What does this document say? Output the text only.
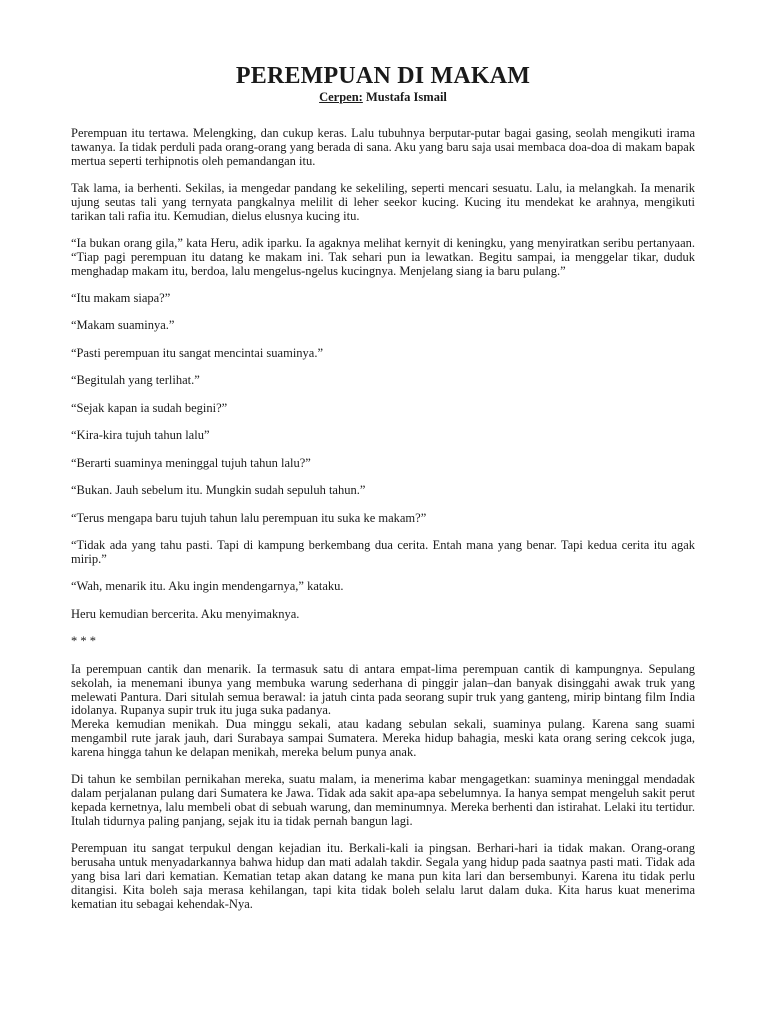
PEREMPUAN DI MAKAM

Cerpen: Mustafa Ismail

Perempuan itu tertawa. Melengking, dan cukup keras. Lalu tubuhnya berputar-putar bagai gasing, seolah mengikuti irama tawanya. Ia tidak perduli pada orang-orang yang berada di sana. Aku yang baru saja usai membaca doa-doa di makam bapak mertua seperti terhipnotis oleh pemandangan itu.

Tak lama, ia berhenti. Sekilas, ia mengedar pandang ke sekeliling, seperti mencari sesuatu. Lalu, ia melangkah. Ia menarik ujung seutas tali yang ternyata pangkalnya melilit di leher seekor kucing. Kucing itu mendekat ke arahnya, mengikuti tarikan tali rafia itu. Kemudian, dielus elusnya kucing itu.

“Ia bukan orang gila,” kata Heru, adik iparku. Ia agaknya melihat kernyit di keningku, yang menyiratkan seribu pertanyaan. “Tiap pagi perempuan itu datang ke makam ini. Tak sehari pun ia lewatkan. Begitu sampai, ia menggelar tikar, duduk menghadap makam itu, berdoa, lalu mengelus-ngelus kucingnya. Menjelang siang ia baru pulang.”

“Itu makam siapa?”

“Makam suaminya.”

“Pasti perempuan itu sangat mencintai suaminya.”

“Begitulah yang terlihat.”

“Sejak kapan ia sudah begini?”

“Kira-kira tujuh tahun lalu”

“Berarti suaminya meninggal tujuh tahun lalu?”

“Bukan. Jauh sebelum itu. Mungkin sudah sepuluh tahun.”

“Terus mengapa baru tujuh tahun lalu perempuan itu suka ke makam?”

“Tidak ada yang tahu pasti. Tapi di kampung berkembang dua cerita. Entah mana yang benar. Tapi kedua cerita itu agak mirip.”

“Wah, menarik itu. Aku ingin mendengarnya,” kataku.

Heru kemudian bercerita. Aku menyimaknya.

* * *

Ia perempuan cantik dan menarik. Ia termasuk satu di antara empat-lima perempuan cantik di kampungnya. Sepulang sekolah, ia menemani ibunya yang membuka warung sederhana di pinggir jalan–dan banyak disinggahi awak truk yang melewati Pantura. Dari situlah semua berawal: ia jatuh cinta pada seorang supir truk yang ganteng, mirip bintang film India idolanya. Rupanya supir truk itu juga suka padanya.

Mereka kemudian menikah. Dua minggu sekali, atau kadang sebulan sekali, suaminya pulang. Karena sang suami mengambil rute jarak jauh, dari Surabaya sampai Sumatera. Mereka hidup bahagia, meski kata orang sering cekcok juga, karena hingga tahun ke delapan menikah, mereka belum punya anak.

Di tahun ke sembilan pernikahan mereka, suatu malam, ia menerima kabar mengagetkan: suaminya meninggal mendadak dalam perjalanan pulang dari Sumatera ke Jawa. Tidak ada sakit apa-apa sebelumnya. Ia hanya sempat mengeluh sakit perut kepada kernetnya, lalu membeli obat di sebuah warung, dan meminumnya. Mereka berhenti dan istirahat. Lelaki itu tertidur. Itulah tidurnya paling panjang, sejak itu ia tidak pernah bangun lagi.

Perempuan itu sangat terpukul dengan kejadian itu. Berkali-kali ia pingsan. Berhari-hari ia tidak makan. Orang-orang berusaha untuk menyadarkannya bahwa hidup dan mati adalah takdir. Segala yang hidup pada saatnya pasti mati. Tidak ada yang bisa lari dari kematian. Kematian tetap akan datang ke mana pun kita lari dan bersembunyi. Karena itu tidak perlu ditangisi. Kita boleh saja merasa kehilangan, tapi kita tidak boleh selalu larut dalam duka. Kita harus kuat menerima kematian itu sebagai kehendak-Nya.
